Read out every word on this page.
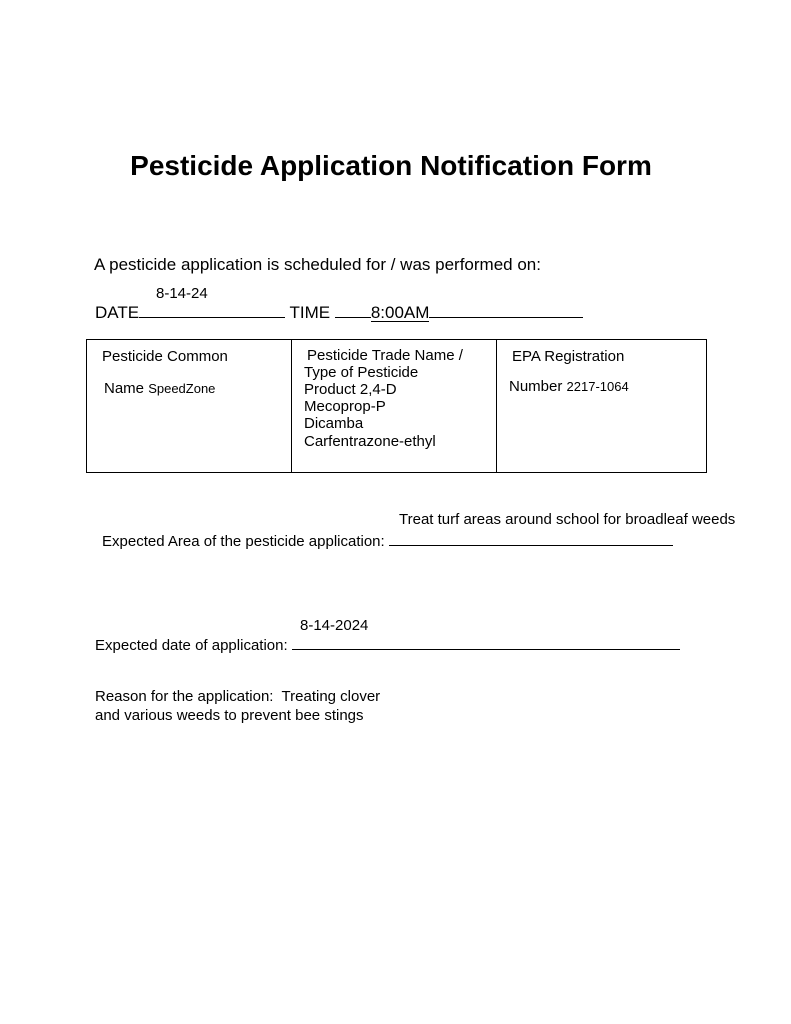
Pesticide Application Notification Form
A pesticide application is scheduled for / was performed on:
8-14-24
DATE	TIME 8:00AM
Pesticide Common
Name SpeedZone

Pesticide Trade Name /
Type of Pesticide
Product 2,4-D
Mecoprop-P
Dicamba
Carfentrazone-ethyl

EPA Registration
Number 2217-1064
Treat turf areas around school for broadleaf weeds
Expected Area of the pesticide application:
8-14-2024
Expected date of application:
Reason for the application: Treating clover and various weeds to prevent bee stings
